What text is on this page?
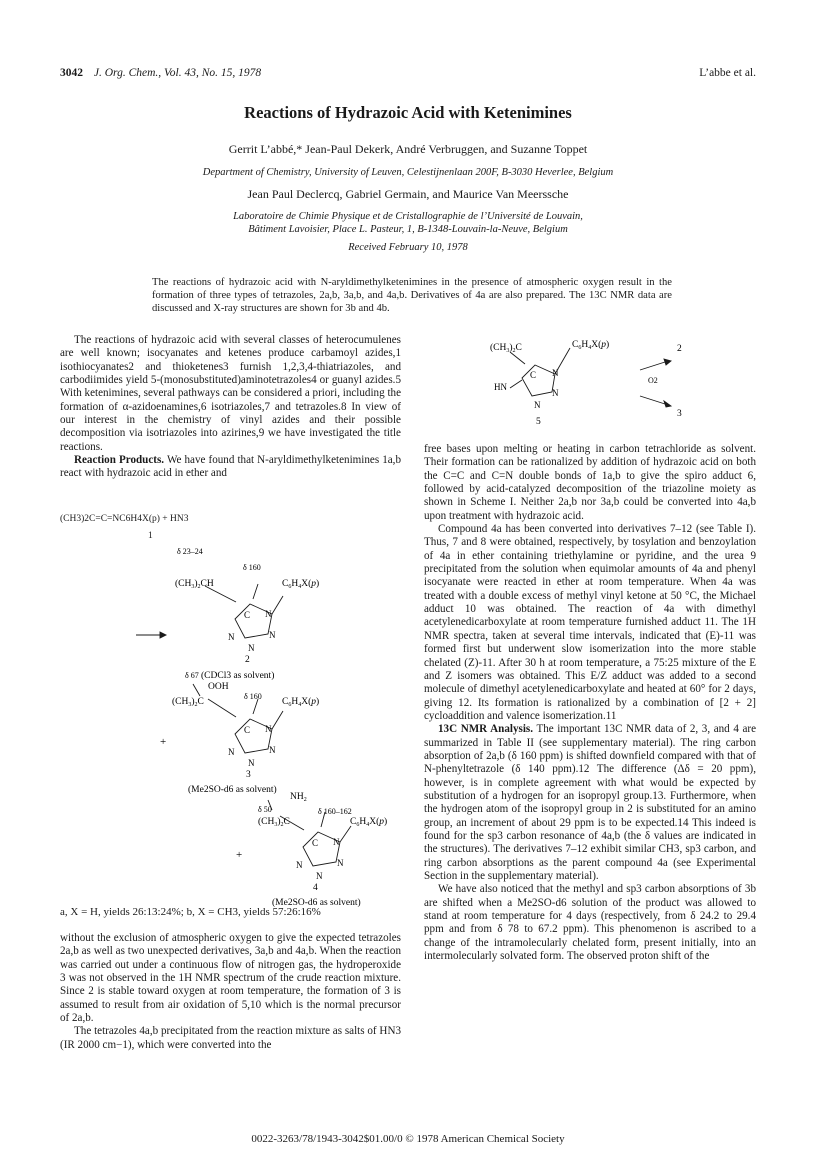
3042 J. Org. Chem., Vol. 43, No. 15, 1978	L’abbe et al.
Reactions of Hydrazoic Acid with Ketenimines
Gerrit L’abbé,* Jean-Paul Dekerk, André Verbruggen, and Suzanne Toppet
Department of Chemistry, University of Leuven, Celestijnenlaan 200F, B-3030 Heverlee, Belgium
Jean Paul Declercq, Gabriel Germain, and Maurice Van Meerssche
Laboratoire de Chimie Physique et de Cristallographie de l’Université de Louvain,
Bâtiment Lavoisier, Place L. Pasteur, 1, B-1348-Louvain-la-Neuve, Belgium
Received February 10, 1978
The reactions of hydrazoic acid with N-aryldimethylketenimines in the presence of atmospheric oxygen result in the formation of three types of tetrazoles, 2a,b, 3a,b, and 4a,b. Derivatives of 4a are also prepared. The 13C NMR data are discussed and X-ray structures are shown for 3b and 4b.

The reactions of hydrazoic acid with several classes of heterocumulenes are well known; isocyanates and ketenes produce carbamoyl azides,1 isothiocyanates2 and thioketenes3 furnish 1,2,3,4-thiatriazoles, and carbodiimides yield 5-(monosubstituted)aminotetrazoles4 or guanyl azides.5 With ketenimines, several pathways can be considered a priori, including the formation of α-azidoenamines,6 isotriazoles,7 and tetrazoles.8 In view of our interest in the chemistry of vinyl azides and their possible decomposition via isotriazoles into azirines,9 we have investigated the title reactions.

Reaction Products. We have found that N-aryldimethylketenimines 1a,b react with hydrazoic acid in ether and

(CH3)2C=C=NC6H4X(p) + HN3
1
δ 23–24
δ 160
$(CH_3)_2CH$	$C_6H_4X(p)$
C N
N
N
N
2
(CDCl3 as solvent)
δ 67
OOH
δ 160
$(CH_3)_2C$	$C_6H_4X(p)$
C N
N
N
N
+
3
(Me2SO-d6 as solvent)
$NH_2$
δ 50	δ 160–162
$(CH_3)_2C$	$C_6H_4X(p)$
C N
N
N
N
+
4
(Me2SO-d6 as solvent)
a, X = H, yields 26:13:24%; b, X = CH3, yields 57:26:16%

without the exclusion of atmospheric oxygen to give the expected tetrazoles 2a,b as well as two unexpected derivatives, 3a,b and 4a,b. When the reaction was carried out under a continuous flow of nitrogen gas, the hydroperoxide 3 was not observed in the 1H NMR spectrum of the crude reaction mixture. Since 2 is stable toward oxygen at room temperature, the formation of 3 is assumed to result from air oxidation of 5,10 which is the normal precursor of 2a,b.

The tetrazoles 4a,b precipitated from the reaction mixture as salts of HN3 (IR 2000 cm−1), which were converted into the

$(CH_3)_2C$	$C_6H_4X(p)$
C N
N
HN
N
5
2
O2
3

free bases upon melting or heating in carbon tetrachloride as solvent. Their formation can be rationalized by addition of hydrazoic acid on both the C=C and C=N double bonds of 1a,b to give the spiro adduct 6, followed by acid-catalyzed decomposition of the triazoline moiety as shown in Scheme I. Neither 2a,b nor 3a,b could be converted into 4a,b upon treatment with hydrazoic acid.

Compound 4a has been converted into derivatives 7–12 (see Table I). Thus, 7 and 8 were obtained, respectively, by tosylation and benzoylation of 4a in ether containing triethylamine or pyridine, and the urea 9 precipitated from the solution when equimolar amounts of 4a and phenyl isocyanate were reacted in ether at room temperature. When 4a was treated with a double excess of methyl vinyl ketone at 50 °C, the Michael adduct 10 was obtained. The reaction of 4a with dimethyl acetylenedicarboxylate at room temperature furnished adduct 11. The 1H NMR spectra, taken at several time intervals, indicated that (E)-11 was formed first but underwent slow isomerization into the more stable chelated (Z)-11. After 30 h at room temperature, a 75:25 mixture of the E and Z isomers was obtained. This E/Z adduct was added to a second molecule of dimethyl acetylenedicarboxylate and heated at 60° for 2 days, giving 12. Its formation is rationalized by a combination of [2 + 2] cycloaddition and valence isomerization.11

13C NMR Analysis. The important 13C NMR data of 2, 3, and 4 are summarized in Table II (see supplementary material). The ring carbon absorption of 2a,b (δ 160 ppm) is shifted downfield compared with that of N-phenyltetrazole (δ 140 ppm).12 The difference (Δδ = 20 ppm), however, is in complete agreement with what would be expected by substitution of a hydrogen for an isopropyl group.13. Furthermore, when the hydrogen atom of the isopropyl group in 2 is substituted for an amino group, an increment of about 29 ppm is to be expected.14 This indeed is found for the sp3 carbon resonance of 4a,b (the δ values are indicated in the structures). The derivatives 7–12 exhibit similar CH3, sp3 carbon, and ring carbon absorptions as the parent compound 4a (see Experimental Section in the supplementary material).

We have also noticed that the methyl and sp3 carbon absorptions of 3b are shifted when a Me2SO-d6 solution of the product was allowed to stand at room temperature for 4 days (respectively, from δ 24.2 to 29.4 ppm and from δ 78 to 67.2 ppm). This phenomenon is ascribed to a change of the intramolecularly chelated form, present initially, into an intermolecularly solvated form. The observed proton shift of the

0022-3263/78/1943-3042$01.00/0 © 1978 American Chemical Society
